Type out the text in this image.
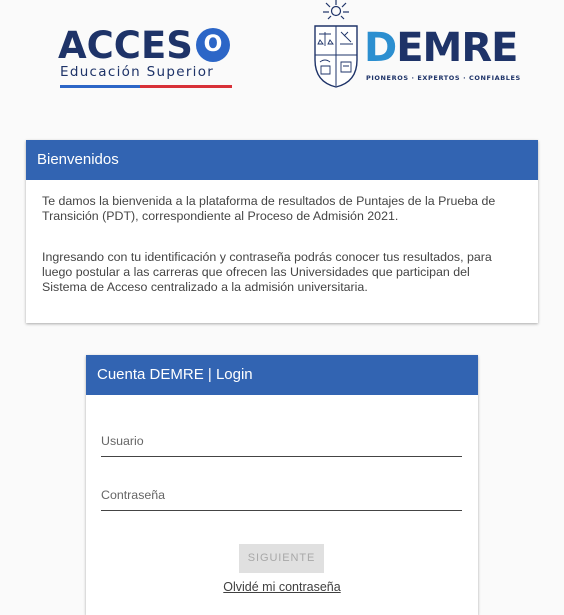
ACCES O
Educación Superior
DEMRE
PIONEROS · EXPERTOS · CONFIABLES
Bienvenidos

Te damos la bienvenida a la plataforma de resultados de Puntajes de la Prueba de Transición (PDT), correspondiente al Proceso de Admisión 2021.

Ingresando con tu identificación y contraseña podrás conocer tus resultados, para luego postular a las carreras que ofrecen las Universidades que participan del Sistema de Acceso centralizado a la admisión universitaria.

Cuenta DEMRE | Login
Usuario
Contraseña
SIGUIENTE
Olvidé mi contraseña
